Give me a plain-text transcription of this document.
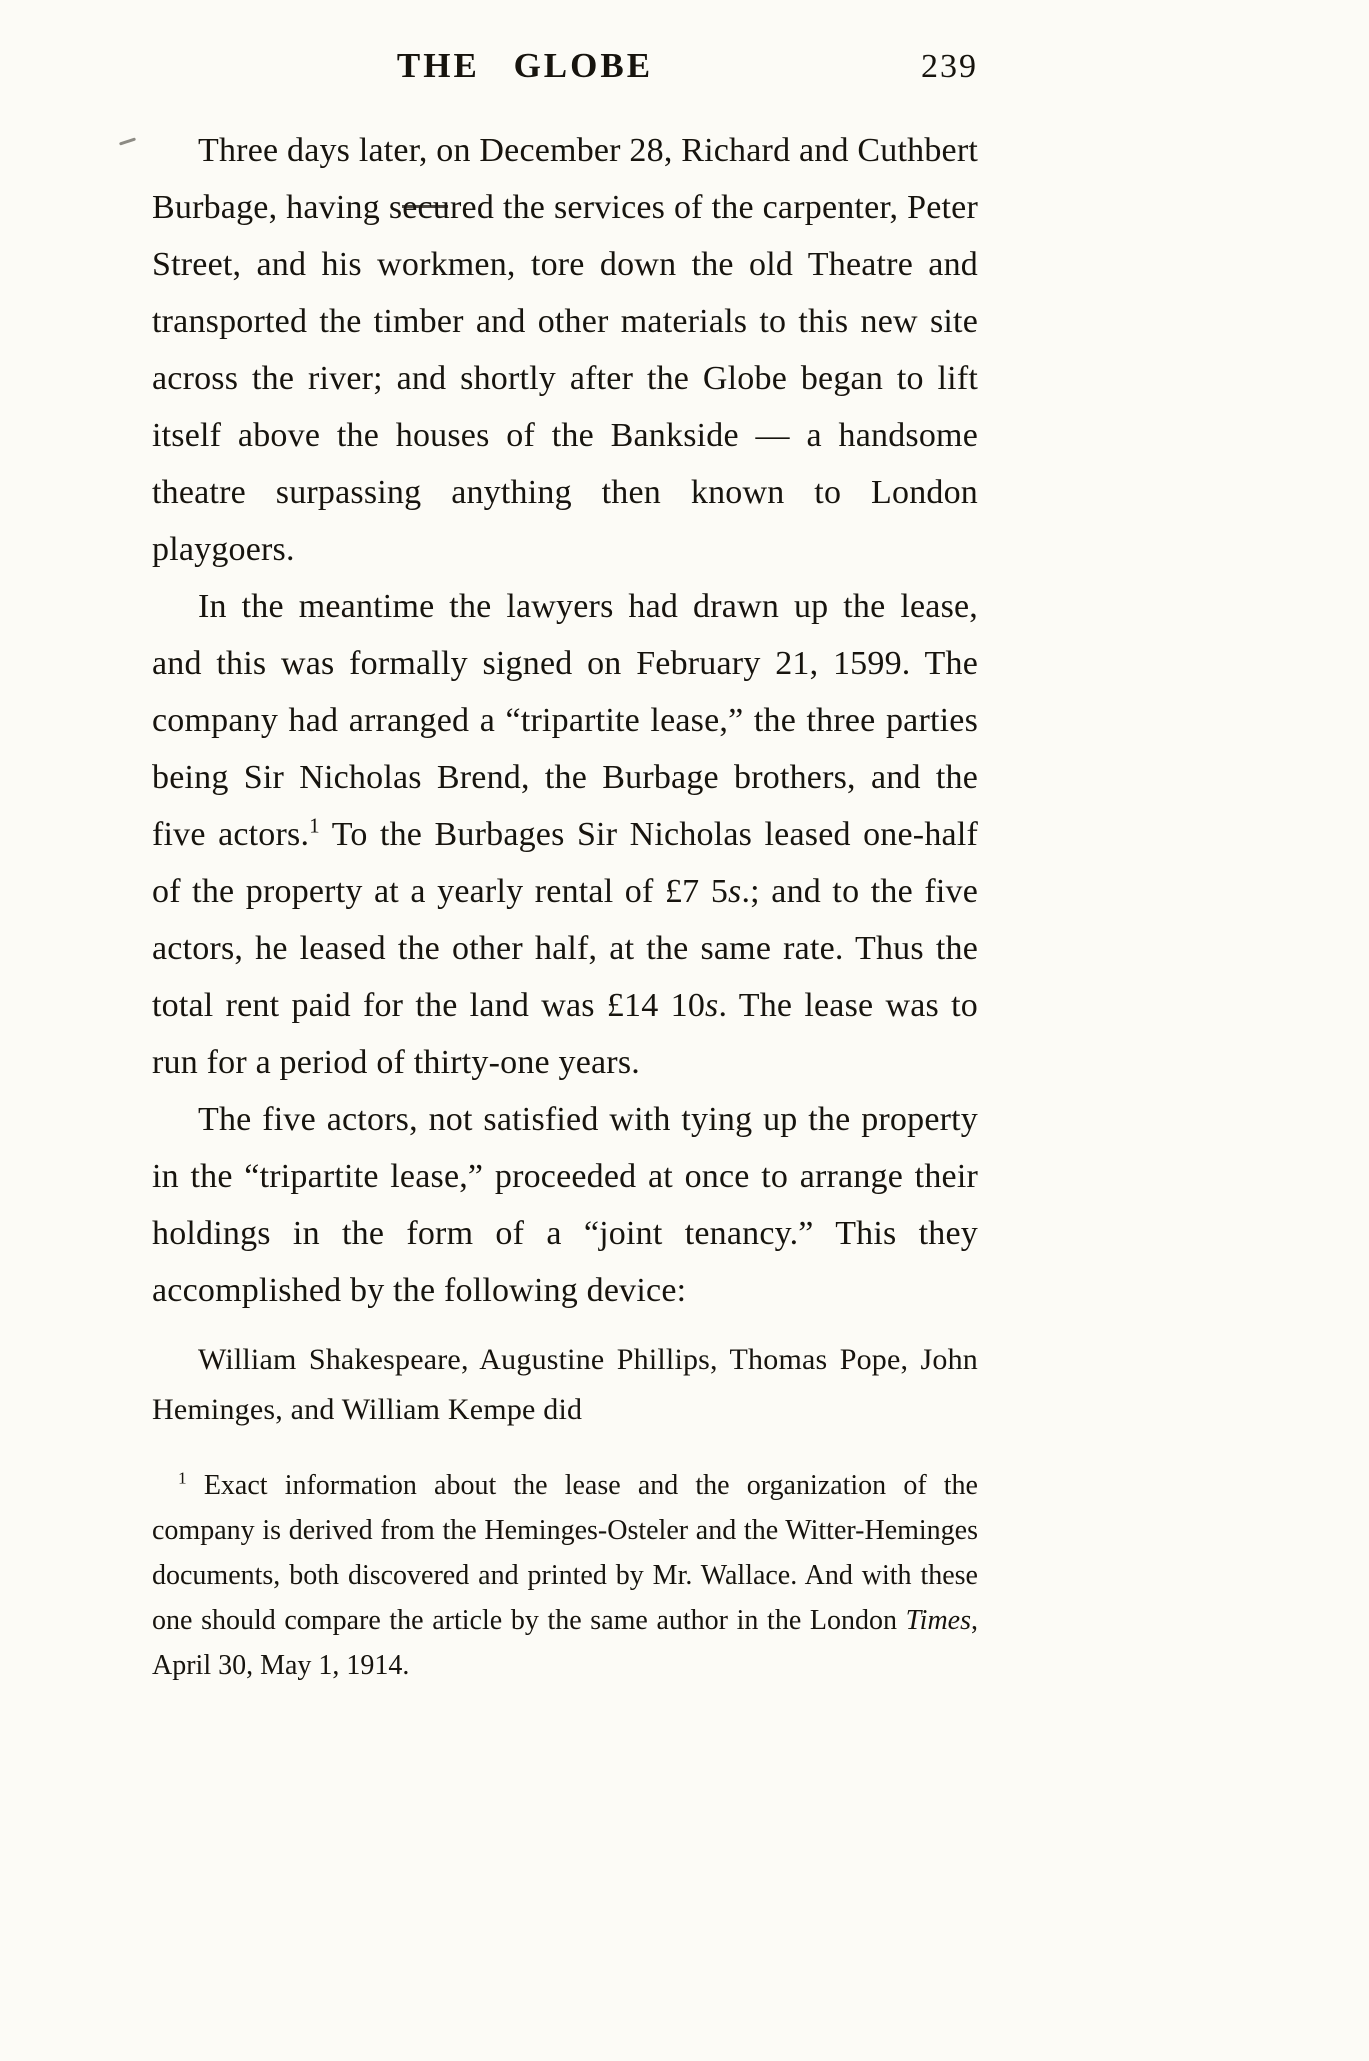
THE GLOBE	239

Three days later, on December 28, Richard and Cuthbert Burbage, having secured the services of the carpenter, Peter Street, and his workmen, tore down the old Theatre and transported the timber and other materials to this new site across the river; and shortly after the Globe began to lift itself above the houses of the Bankside — a handsome theatre surpassing anything then known to London playgoers.

In the meantime the lawyers had drawn up the lease, and this was formally signed on February 21, 1599. The company had arranged a “tripartite lease,” the three parties being Sir Nicholas Brend, the Burbage brothers, and the five actors.$^1$ To the Burbages Sir Nicholas leased one-half of the property at a yearly rental of £7 5s.; and to the five actors, he leased the other half, at the same rate. Thus the total rent paid for the land was £14 10s. The lease was to run for a period of thirty-one years.

The five actors, not satisfied with tying up the property in the “tripartite lease,” proceeded at once to arrange their holdings in the form of a “joint tenancy.” This they accomplished by the following device:

William Shakespeare, Augustine Phillips, Thomas Pope, John Heminges, and William Kempe did

$^1$ Exact information about the lease and the organization of the company is derived from the Heminges-Osteler and the Witter-Heminges documents, both discovered and printed by Mr. Wallace. And with these one should compare the article by the same author in the London Times, April 30, May 1, 1914.
